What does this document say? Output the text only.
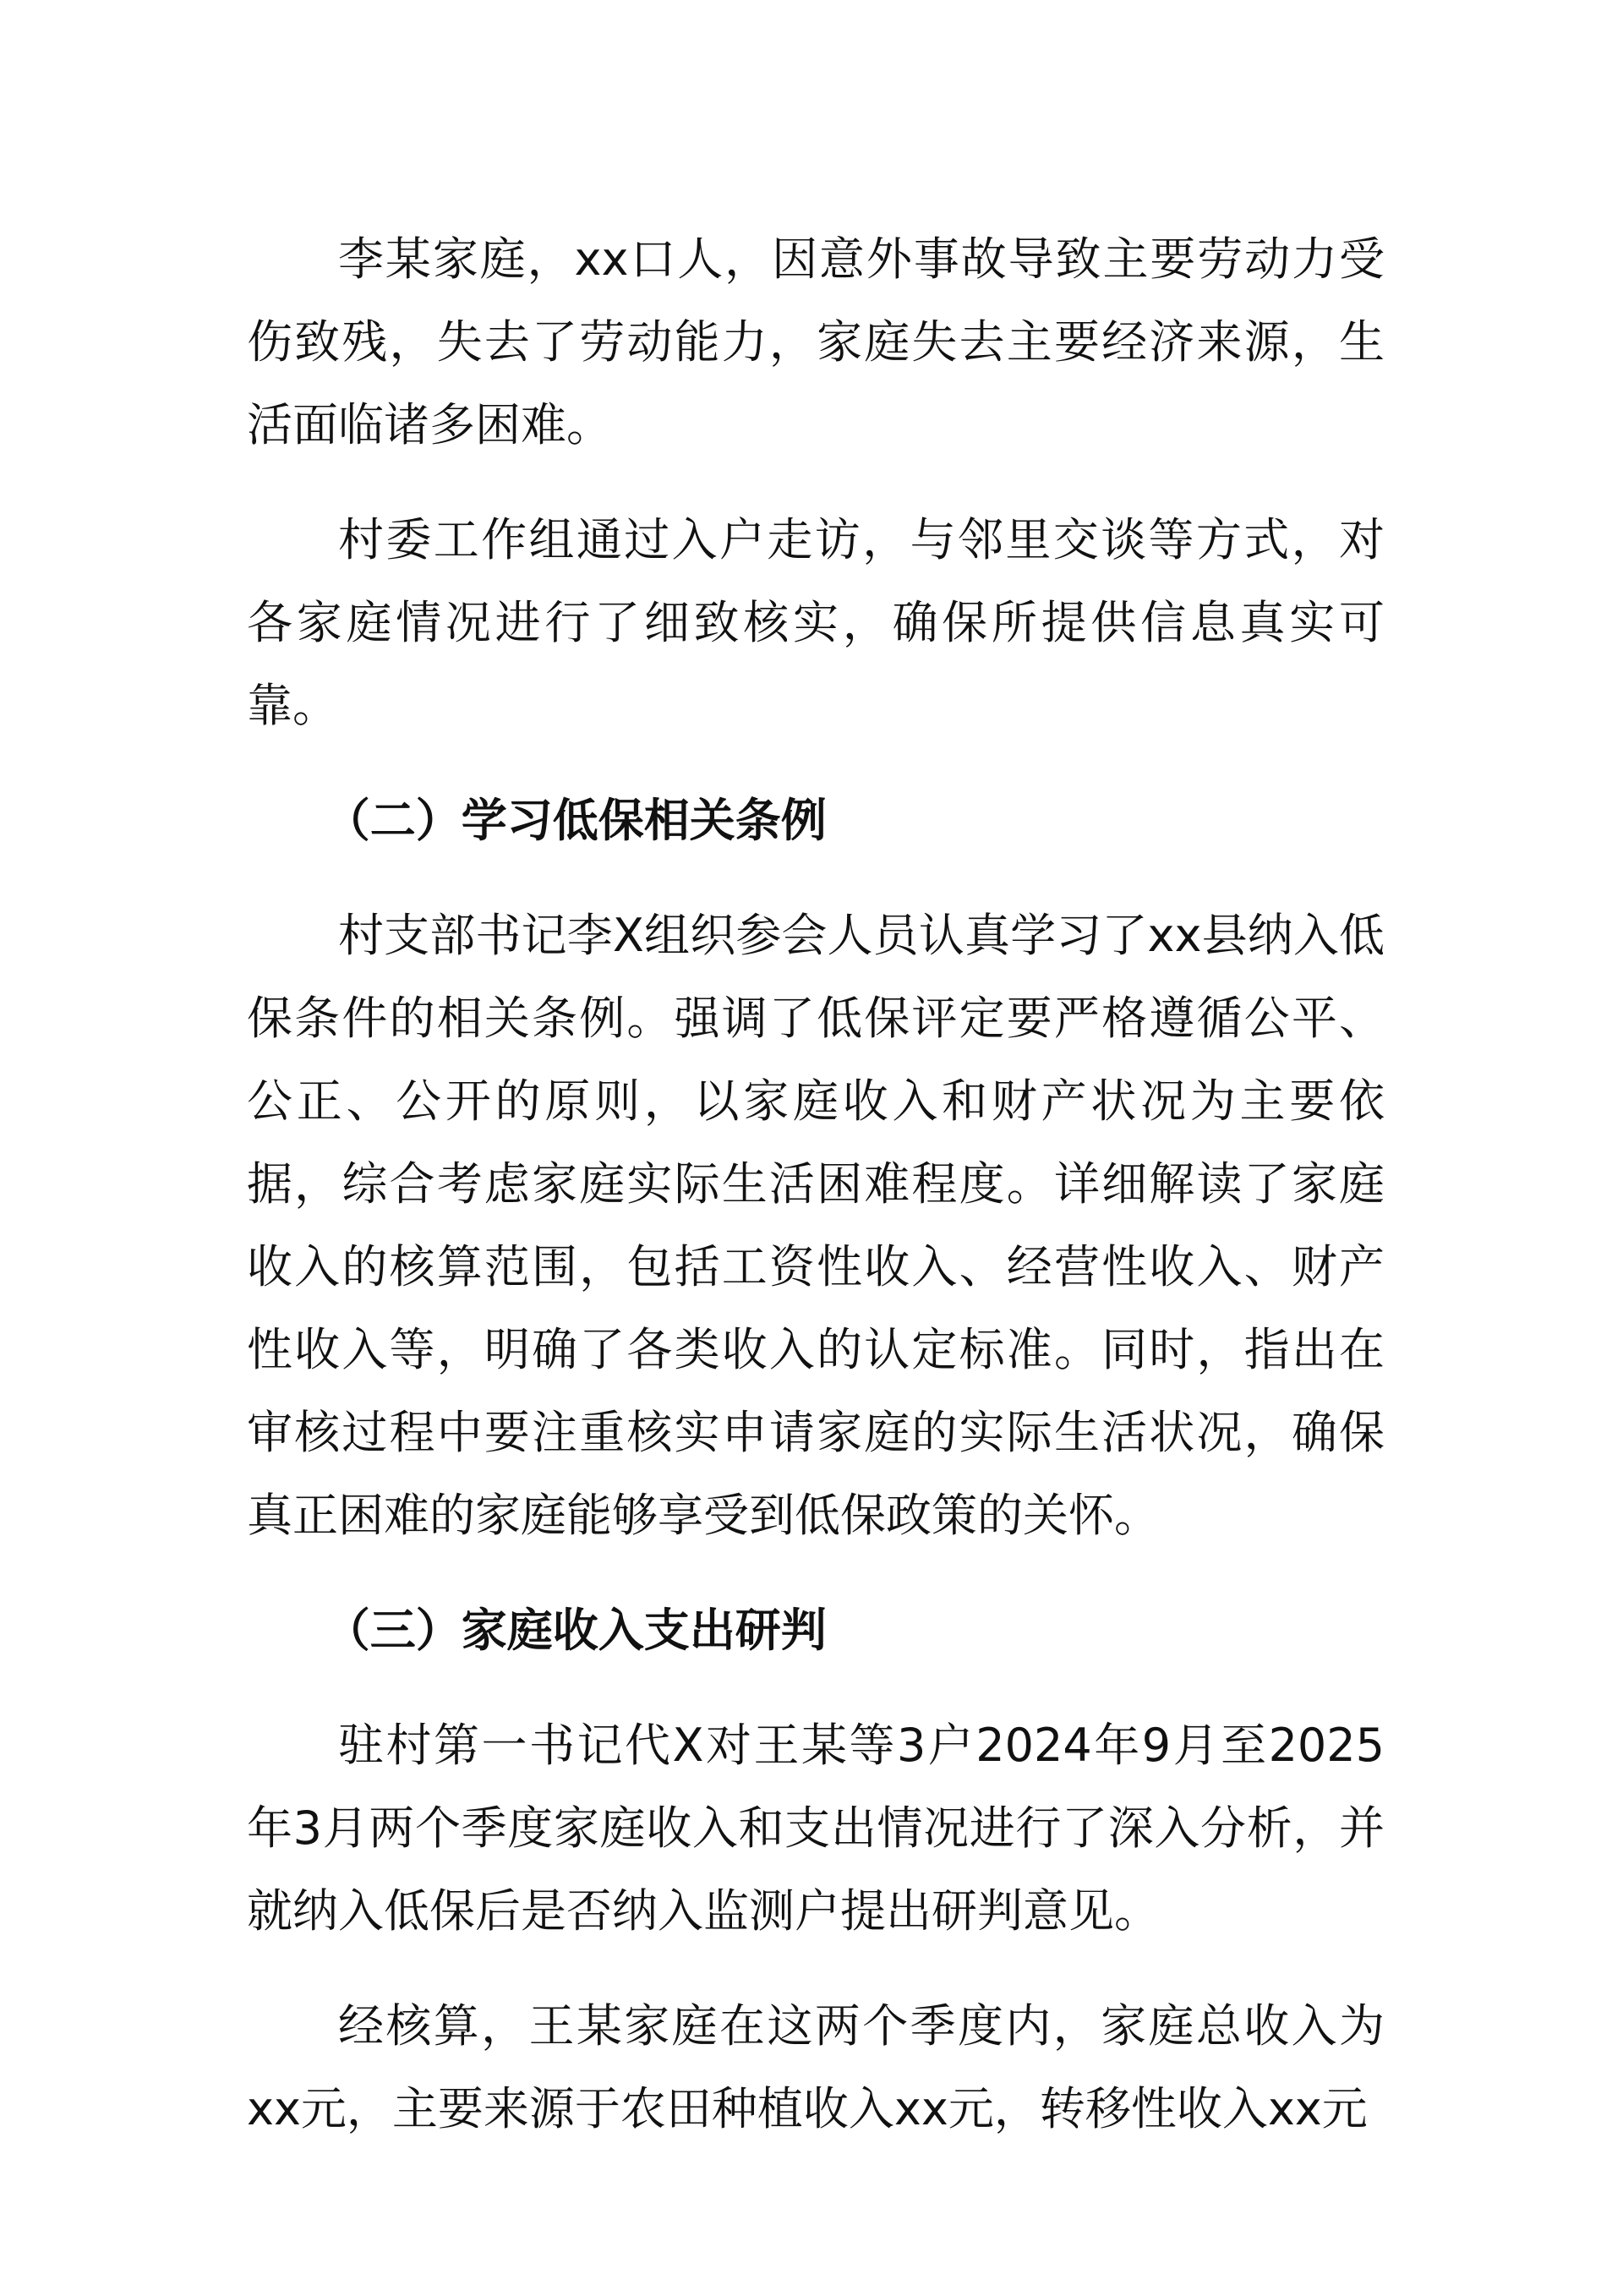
李某家庭，xx口人，因意外事故导致主要劳动力受伤致残，失去了劳动能力，家庭失去主要经济来源，生活面临诸多困难。

村委工作组通过入户走访，与邻里交谈等方式，对各家庭情况进行了细致核实，确保所提供信息真实可靠。

（二）学习低保相关条例

村支部书记李X组织参会人员认真学习了xx县纳入低保条件的相关条例。强调了低保评定要严格遵循公平、公正、公开的原则，以家庭收入和财产状况为主要依据，综合考虑家庭实际生活困难程度。详细解读了家庭收入的核算范围，包括工资性收入、经营性收入、财产性收入等，明确了各类收入的认定标准。同时，指出在审核过程中要注重核实申请家庭的实际生活状况，确保真正困难的家庭能够享受到低保政策的关怀。

（三）家庭收入支出研判

驻村第一书记代X对王某等3户2024年9月至2025年3月两个季度家庭收入和支出情况进行了深入分析，并就纳入低保后是否纳入监测户提出研判意见。

经核算，王某家庭在这两个季度内，家庭总收入为xx元，主要来源于农田种植收入xx元，转移性收入xx元
